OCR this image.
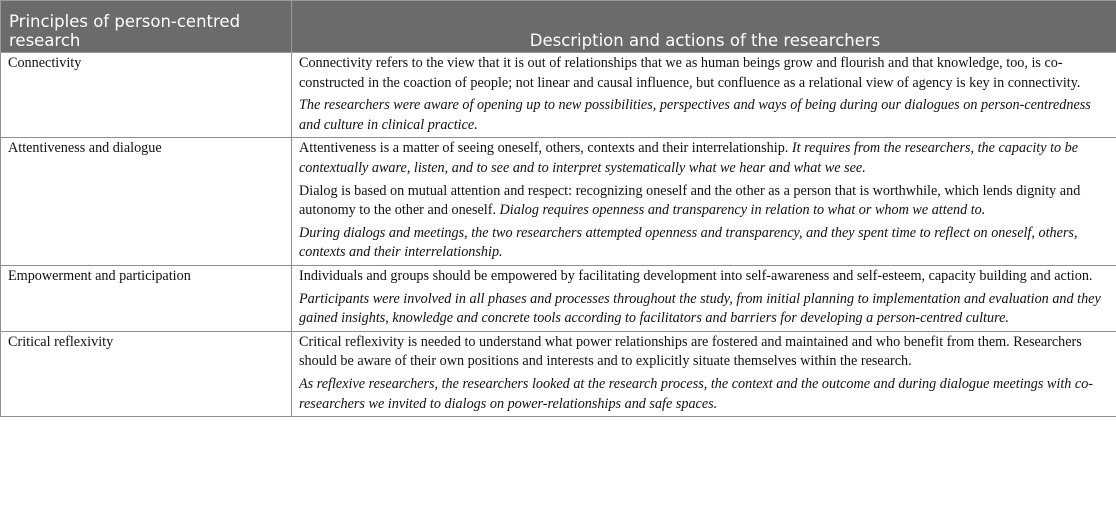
Principles of person-centred research	Description and actions of the researchers
Connectivity	Connectivity refers to the view that it is out of relationships that we as human beings grow and flourish and that knowledge, too, is co-constructed in the coaction of people; not linear and causal influence, but confluence as a relational view of agency is key in connectivity.

The researchers were aware of opening up to new possibilities, perspectives and ways of being during our dialogues on person-centredness and culture in clinical practice.

Attentiveness and dialogue	Attentiveness is a matter of seeing oneself, others, contexts and their interrelationship. It requires from the researchers, the capacity to be contextually aware, listen, and to see and to interpret systematically what we hear and what we see.

Dialog is based on mutual attention and respect: recognizing oneself and the other as a person that is worthwhile, which lends dignity and autonomy to the other and oneself. Dialog requires openness and transparency in relation to what or whom we attend to.

During dialogs and meetings, the two researchers attempted openness and transparency, and they spent time to reflect on oneself, others, contexts and their interrelationship.

Empowerment and participation	Individuals and groups should be empowered by facilitating development into self-awareness and self-esteem, capacity building and action.

Participants were involved in all phases and processes throughout the study, from initial planning to implementation and evaluation and they gained insights, knowledge and concrete tools according to facilitators and barriers for developing a person-centred culture.

Critical reflexivity	Critical reflexivity is needed to understand what power relationships are fostered and maintained and who benefit from them. Researchers should be aware of their own positions and interests and to explicitly situate themselves within the research.

As reflexive researchers, the researchers looked at the research process, the context and the outcome and during dialogue meetings with co-researchers we invited to dialogs on power-relationships and safe spaces.
